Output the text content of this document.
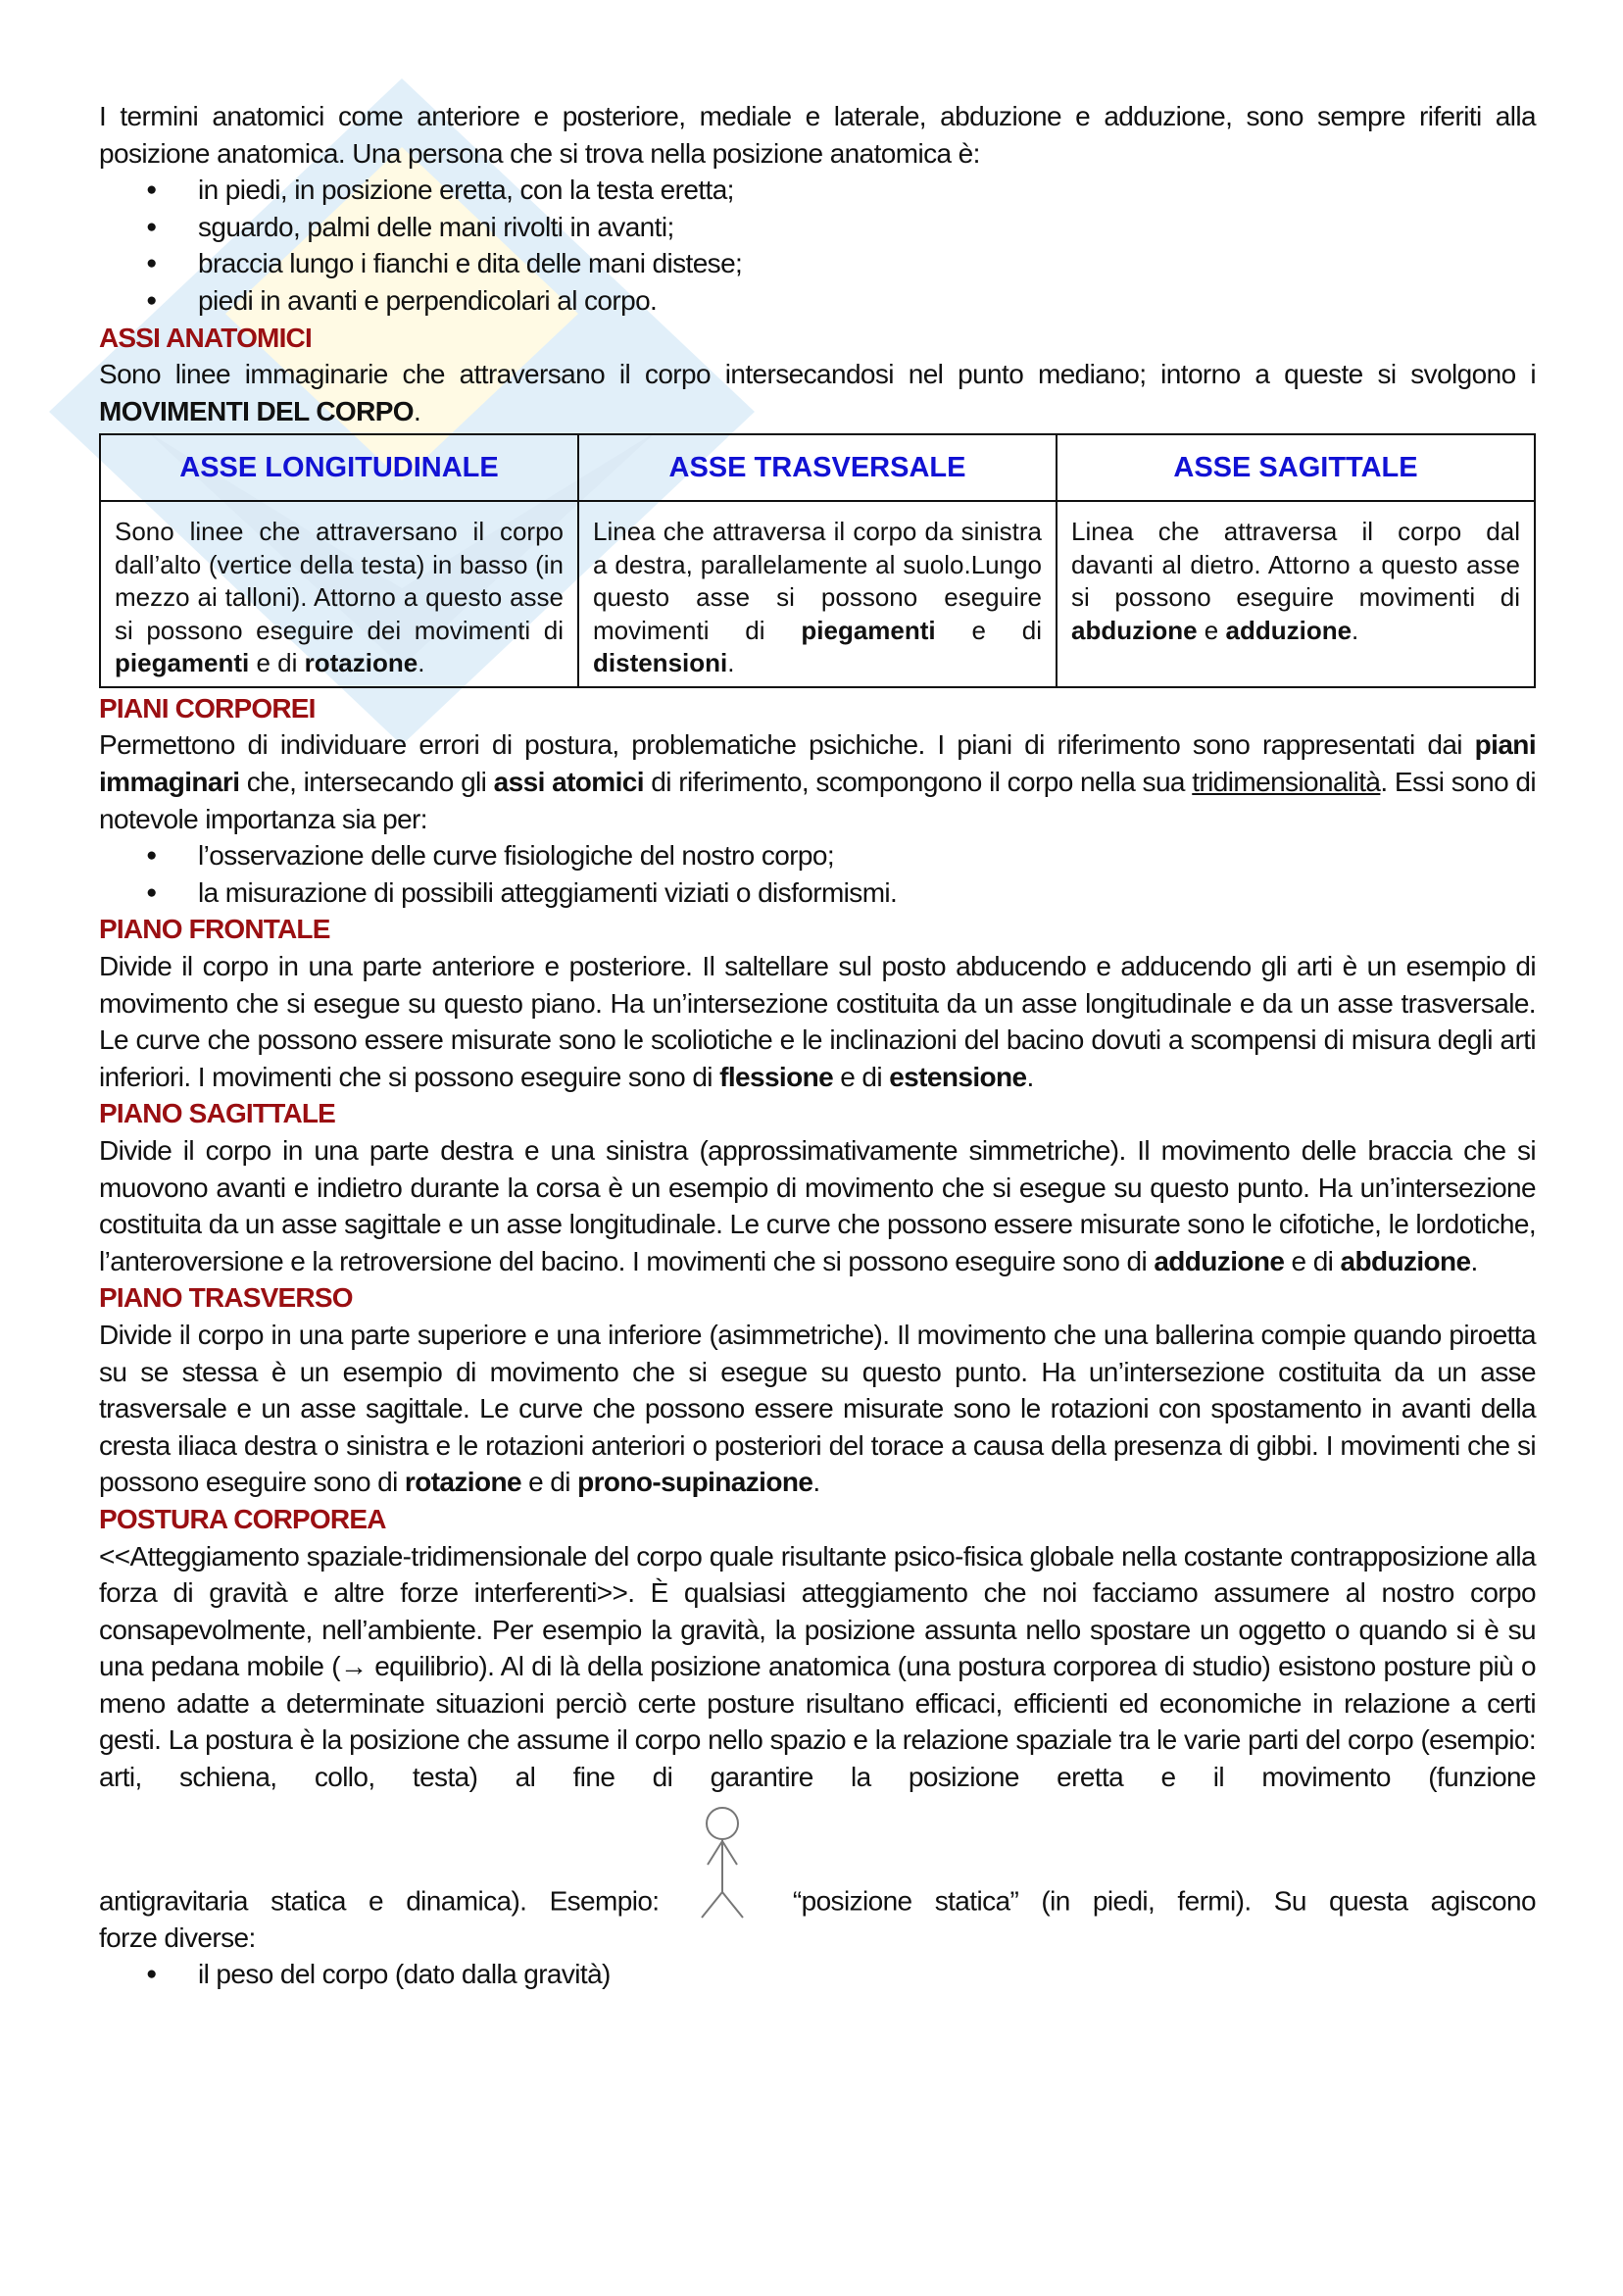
I termini anatomici come anteriore e posteriore, mediale e laterale, abduzione e adduzione, sono sempre riferiti alla posizione anatomica. Una persona che si trova nella posizione anatomica è:

● in piedi, in posizione eretta, con la testa eretta;
● sguardo, palmi delle mani rivolti in avanti;
● braccia lungo i fianchi e dita delle mani distese;
● piedi in avanti e perpendicolari al corpo.
ASSI ANATOMICI

Sono linee immaginarie che attraversano il corpo intersecandosi nel punto mediano; intorno a queste si svolgono i MOVIMENTI DEL CORPO.

ASSE LONGITUDINALE	ASSE TRASVERSALE	ASSE SAGITTALE
Sono linee che attraversano il corpo dall’alto (vertice della testa) in basso (in mezzo ai talloni). Attorno a questo asse si possono eseguire dei movimenti di piegamenti e di rotazione.	Linea che attraversa il corpo da sinistra a destra, parallelamente al suolo.Lungo questo asse si possono eseguire movimenti di piegamenti e di distensioni.	Linea che attraversa il corpo dal davanti al dietro. Attorno a questo asse si possono eseguire movimenti di abduzione e adduzione.
PIANI CORPOREI

Permettono di individuare errori di postura, problematiche psichiche. I piani di riferimento sono rappresentati dai piani immaginari che, intersecando gli assi atomici di riferimento, scompongono il corpo nella sua tridimensionalità. Essi sono di notevole importanza sia per:

● l’osservazione delle curve fisiologiche del nostro corpo;
● la misurazione di possibili atteggiamenti viziati o disformismi.
PIANO FRONTALE

Divide il corpo in una parte anteriore e posteriore. Il saltellare sul posto abducendo e adducendo gli arti è un esempio di movimento che si esegue su questo piano. Ha un’intersezione costituita da un asse longitudinale e da un asse trasversale. Le curve che possono essere misurate sono le scoliotiche e le inclinazioni del bacino dovuti a scompensi di misura degli arti inferiori. I movimenti che si possono eseguire sono di flessione e di estensione.

PIANO SAGITTALE

Divide il corpo in una parte destra e una sinistra (approssimativamente simmetriche). Il movimento delle braccia che si muovono avanti e indietro durante la corsa è un esempio di movimento che si esegue su questo punto. Ha un’intersezione costituita da un asse sagittale e un asse longitudinale. Le curve che possono essere misurate sono le cifotiche, le lordotiche, l’anteroversione e la retroversione del bacino. I movimenti che si possono eseguire sono di adduzione e di abduzione.

PIANO TRASVERSO

Divide il corpo in una parte superiore e una inferiore (asimmetriche). Il movimento che una ballerina compie quando piroetta su se stessa è un esempio di movimento che si esegue su questo punto. Ha un’intersezione costituita da un asse trasversale e un asse sagittale. Le curve che possono essere misurate sono le rotazioni con spostamento in avanti della cresta iliaca destra o sinistra e le rotazioni anteriori o posteriori del torace a causa della presenza di gibbi. I movimenti che si possono eseguire sono di rotazione e di prono-supinazione.

POSTURA CORPOREA

<<Atteggiamento spaziale-tridimensionale del corpo quale risultante psico-fisica globale nella costante contrapposizione alla forza di gravità e altre forze interferenti>>. È qualsiasi atteggiamento che noi facciamo assumere al nostro corpo consapevolmente, nell’ambiente. Per esempio la gravità, la posizione assunta nello spostare un oggetto o quando si è su una pedana mobile (→ equilibrio). Al di là della posizione anatomica (una postura corporea di studio) esistono posture più o meno adatte a determinate situazioni perciò certe posture risultano efficaci, efficienti ed economiche in relazione a certi gesti. La postura è la posizione che assume il corpo nello spazio e la relazione spaziale tra le varie parti del corpo (esempio: arti, schiena, collo, testa) al fine di garantire la posizione eretta e il movimento (funzione

antigravitaria statica e dinamica). Esempio:	“posizione statica” (in piedi, fermi). Su questa agiscono

forze diverse:

● il peso del corpo (dato dalla gravità)
